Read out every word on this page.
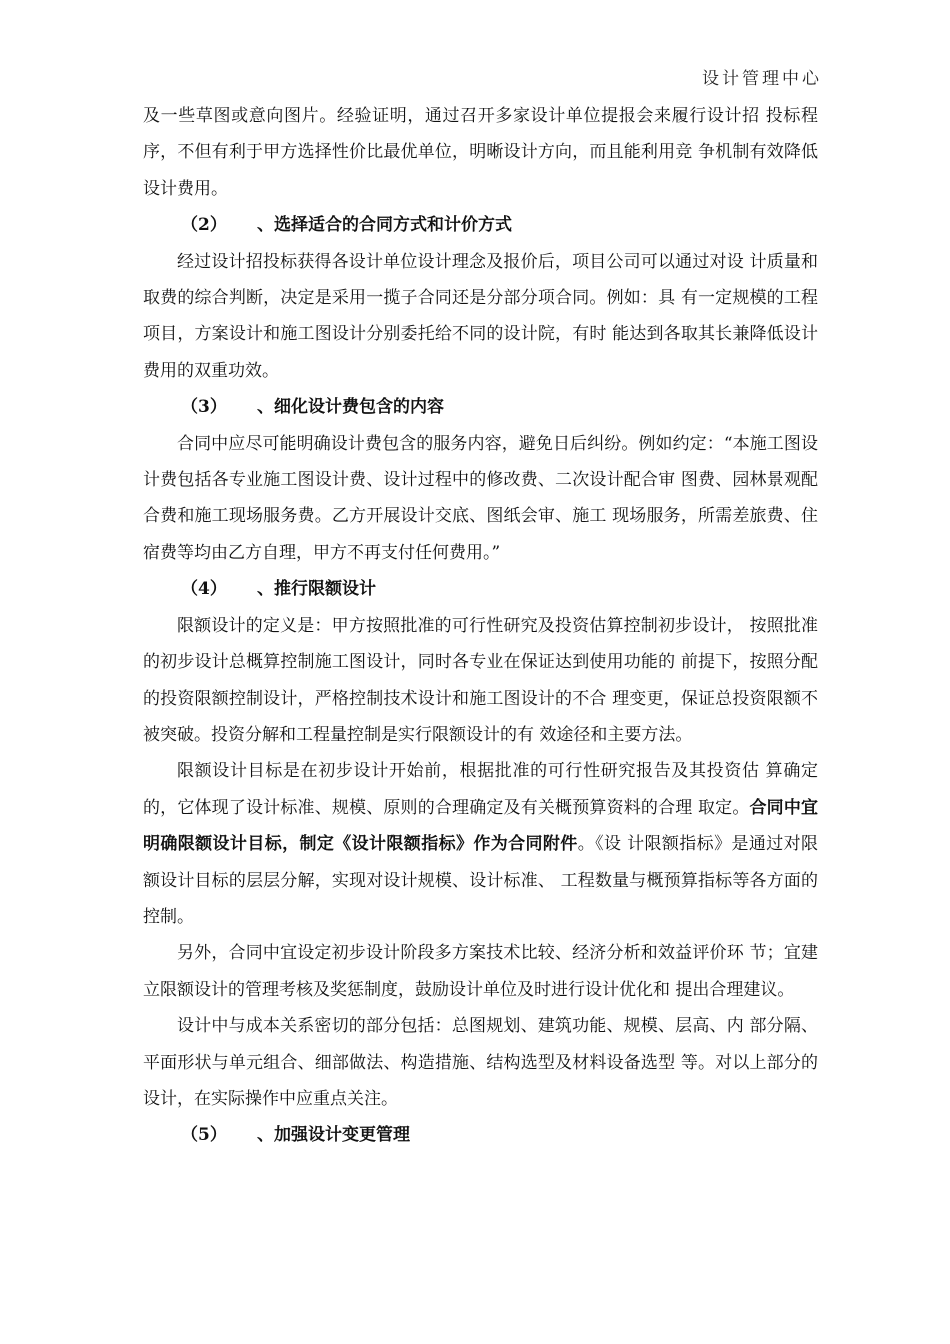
设计管理中心

及一些草图或意向图片。经验证明，通过召开多家设计单位提报会来履行设计招 投标程序，不但有利于甲方选择性价比最优单位，明晰设计方向，而且能利用竞 争机制有效降低设计费用。

（2）	、选择适合的合同方式和计价方式

经过设计招投标获得各设计单位设计理念及报价后，项目公司可以通过对设 计质量和取费的综合判断，决定是采用一揽子合同还是分部分项合同。例如：具 有一定规模的工程项目，方案设计和施工图设计分别委托给不同的设计院，有时 能达到各取其长兼降低设计费用的双重功效。

（3）	、细化设计费包含的内容

合同中应尽可能明确设计费包含的服务内容，避免日后纠纷。例如约定：“本施工图设计费包括各专业施工图设计费、设计过程中的修改费、二次设计配合审 图费、园林景观配合费和施工现场服务费。乙方开展设计交底、图纸会审、施工 现场服务，所需差旅费、住宿费等均由乙方自理，甲方不再支付任何费用。”

（4）	、推行限额设计

限额设计的定义是：甲方按照批准的可行性研究及投资估算控制初步设计， 按照批准的初步设计总概算控制施工图设计，同时各专业在保证达到使用功能的 前提下，按照分配的投资限额控制设计，严格控制技术设计和施工图设计的不合 理变更，保证总投资限额不被突破。投资分解和工程量控制是实行限额设计的有 效途径和主要方法。

限额设计目标是在初步设计开始前，根据批准的可行性研究报告及其投资估 算确定的，它体现了设计标准、规模、原则的合理确定及有关概预算资料的合理 取定。合同中宜明确限额设计目标，制定《设计限额指标》作为合同附件。《设 计限额指标》是通过对限额设计目标的层层分解，实现对设计规模、设计标准、 工程数量与概预算指标等各方面的控制。

另外，合同中宜设定初步设计阶段多方案技术比较、经济分析和效益评价环 节；宜建立限额设计的管理考核及奖惩制度，鼓励设计单位及时进行设计优化和 提出合理建议。

设计中与成本关系密切的部分包括：总图规划、建筑功能、规模、层高、内 部分隔、平面形状与单元组合、细部做法、构造措施、结构选型及材料设备选型 等。对以上部分的设计，在实际操作中应重点关注。

（5）	、加强设计变更管理
